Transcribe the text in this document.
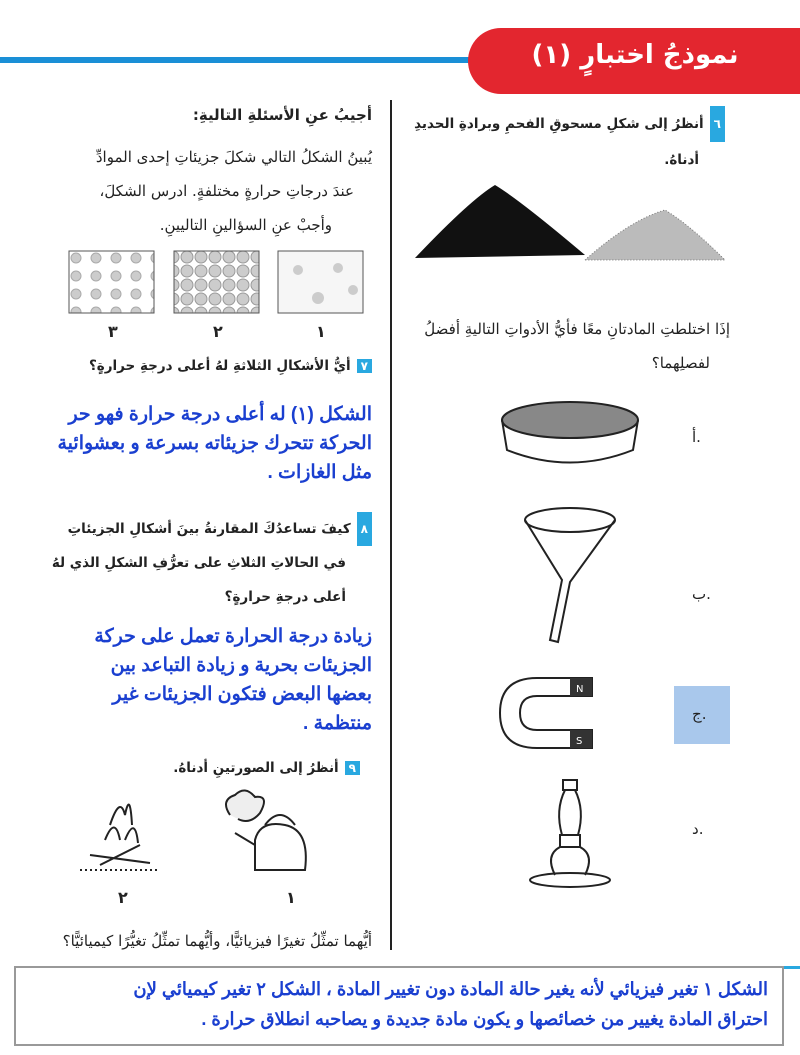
نموذجُ اختبارٍ (١)
أجيبُ عنِ الأسئلةِ التاليةِ:
يُبينُ الشكلُ التالي شكلَ جزيئاتِ إحدى الموادِّ
عندَ درجاتِ حرارةٍ مختلفةٍ. ادرس الشكلَ،
وأجبْ عنِ السؤالينِ التاليينِ.
٣	٢	١
٧أيُّ الأشكالِ الثلاثةِ لهُ أعلى درجةِ حرارةٍ؟
الشكل (١) له أعلى درجة حرارة فهو حر الحركة تتحرك جزيئاته بسرعة و بعشوائية مثل الغازات .
٨كيفَ تساعدُكَ المقارنةُ بينَ أشكالِ الجزيئاتِ
في الحالاتِ الثلاثِ على تعرُّفِ الشكلِ الذي لهُ
أعلى درجةِ حرارةٍ؟
زيادة درجة الحرارة تعمل على حركة الجزيئات بحرية و زيادة التباعد بين بعضها البعض فتكون الجزيئات غير منتظمة .
٩أنظرُ إلى الصورتينِ أدناهُ.
٢	١
أيُّهما تمثِّلُ تغيرًا فيزيائيًّا، وأيُّهما تمثِّلُ تغيُّرًا كيميائيًّا؟
٦أنظرُ إلى شكلِ مسحوقِ الفحمِ وبرادةِ الحديدِ
أدناهُ.
إذَا اختلطتِ المادتانِ معًا فأيُّ الأدواتِ التاليةِ أفضلُ
لفصلِهما؟
أ.
ب.
ج.
د.
N
S
الشكل ١ تغير فيزيائي لأنه يغير حالة المادة دون تغيير المادة ، الشكل ٢ تغير كيميائي لإن
احتراق المادة يغيير من خصائصها و يكون مادة جديدة و يصاحبه انطلاق حرارة .
